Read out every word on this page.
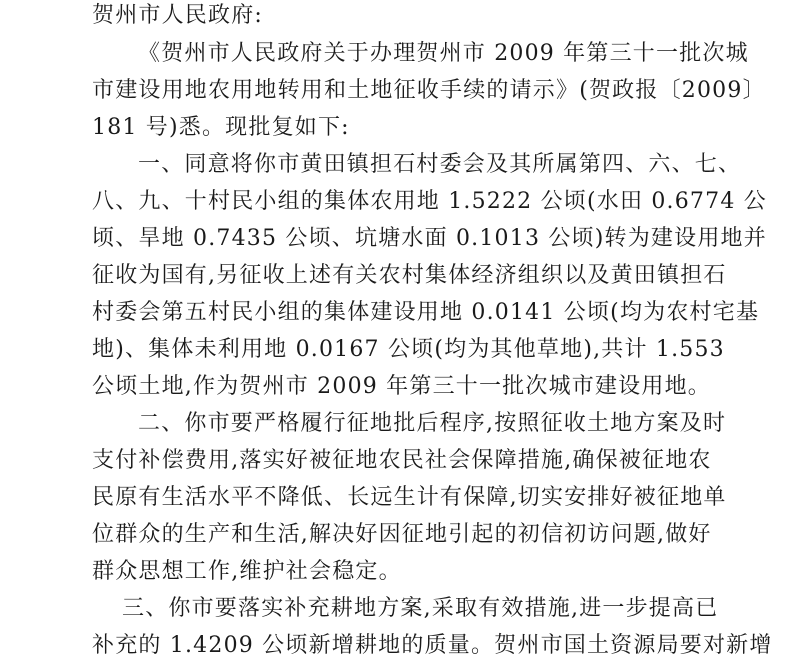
贺州市人民政府:
《贺州市人民政府关于办理贺州市 2009 年第三十一批次城
市建设用地农用地转用和土地征收手续的请示》(贺政报〔2009〕
181 号)悉。现批复如下:
一、同意将你市黄田镇担石村委会及其所属第四、六、七、
八、九、十村民小组的集体农用地 1.5222 公顷(水田 0.6774 公
顷、旱地 0.7435 公顷、坑塘水面 0.1013 公顷)转为建设用地并
征收为国有,另征收上述有关农村集体经济组织以及黄田镇担石
村委会第五村民小组的集体建设用地 0.0141 公顷(均为农村宅基
地)、集体未利用地 0.0167 公顷(均为其他草地),共计 1.553
公顷土地,作为贺州市 2009 年第三十一批次城市建设用地。
二、你市要严格履行征地批后程序,按照征收土地方案及时
支付补偿费用,落实好被征地农民社会保障措施,确保被征地农
民原有生活水平不降低、长远生计有保障,切实安排好被征地单
位群众的生产和生活,解决好因征地引起的初信初访问题,做好
群众思想工作,维护社会稳定。
三、你市要落实补充耕地方案,采取有效措施,进一步提高已
补充的 1.4209 公顷新增耕地的质量。贺州市国土资源局要对新增
